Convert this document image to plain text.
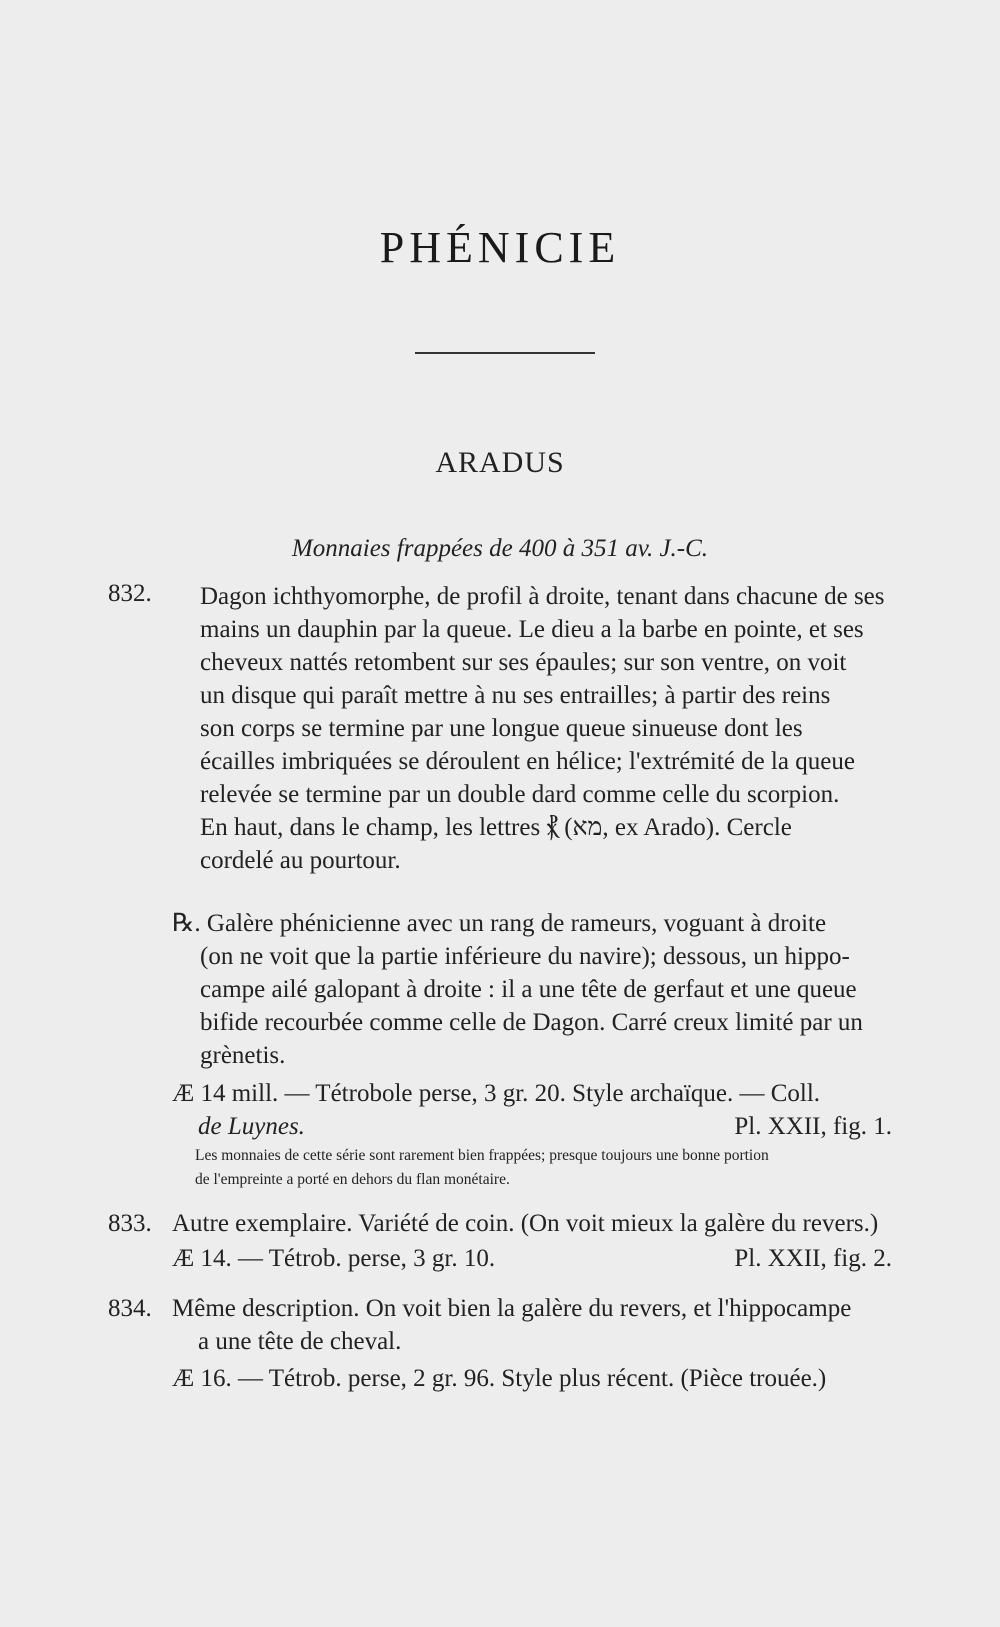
PHÉNICIE
ARADUS
Monnaies frappées de 400 à 351 av. J.-C.
832. Dagon ichthyomorphe, de profil à droite, tenant dans chacune de ses
mains un dauphin par la queue. Le dieu a la barbe en pointe, et ses
cheveux nattés retombent sur ses épaules; sur son ventre, on voit
un disque qui paraît mettre à nu ses entrailles; à partir des reins
son corps se termine par une longue queue sinueuse dont les
écailles imbriquées se déroulent en hélice; l'extrémité de la queue
relevée se termine par un double dard comme celle du scorpion.
En haut, dans le champ, les lettres ⳩ (מא, ex Arado). Cercle
cordelé au pourtour.
℞. Galère phénicienne avec un rang de rameurs, voguant à droite
(on ne voit que la partie inférieure du navire); dessous, un hippo-
campe ailé galopant à droite : il a une tête de gerfaut et une queue
bifide recourbée comme celle de Dagon. Carré creux limité par un
grènetis.
Æ 14 mill. — Tétrobole perse, 3 gr. 20. Style archaïque. — Coll.
de Luynes.	Pl. XXII, fig. 1.
Les monnaies de cette série sont rarement bien frappées; presque toujours une bonne portion
de l'empreinte a porté en dehors du flan monétaire.
833. Autre exemplaire. Variété de coin. (On voit mieux la galère du revers.)
Æ 14. — Tétrob. perse, 3 gr. 10.	Pl. XXII, fig. 2.
834. Même description. On voit bien la galère du revers, et l'hippocampe
a une tête de cheval.
Æ 16. — Tétrob. perse, 2 gr. 96. Style plus récent. (Pièce trouée.)
